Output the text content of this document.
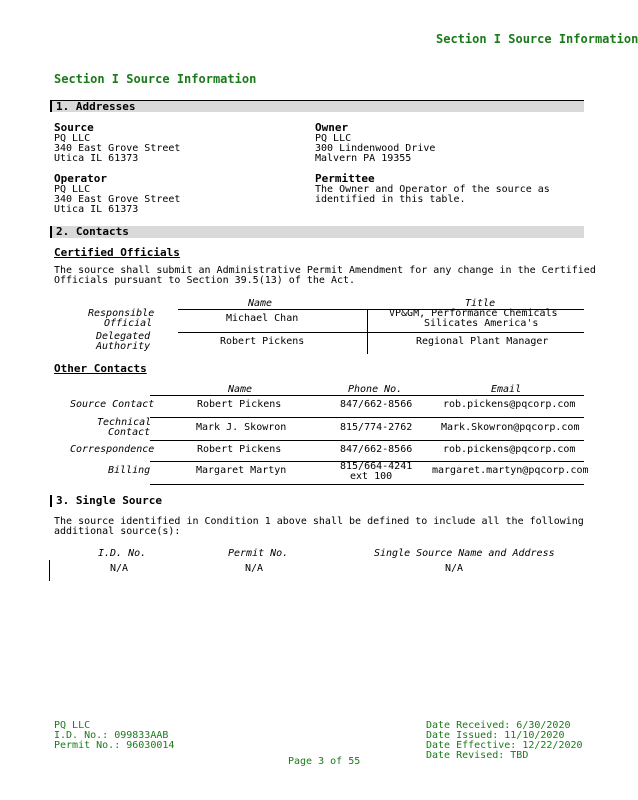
Section I Source Information
Section I Source Information
1. Addresses
Source
PQ LLC
340 East Grove Street
Utica IL 61373
Owner
PQ LLC
300 Lindenwood Drive
Malvern PA 19355
Operator
PQ LLC
340 East Grove Street
Utica IL 61373
Permittee
The Owner and Operator of the source as
identified in this table.
2. Contacts
Certified Officials
The source shall submit an Administrative Permit Amendment for any change in the Certified
Officials pursuant to Section 39.5(13) of the Act.
Name	Title
Responsible
Official	Michael Chan	VP&GM, Performance Chemicals
Silicates America's
Delegated
Authority	Robert Pickens	Regional Plant Manager
Other Contacts
Name	Phone No.	Email
Source Contact	Robert Pickens	847/662-8566	rob.pickens@pqcorp.com
Technical
Contact	Mark J. Skowron	815/774-2762	Mark.Skowron@pqcorp.com
Correspondence	Robert Pickens	847/662-8566	rob.pickens@pqcorp.com
Billing	Margaret Martyn	815/664-4241
ext 100
margaret.martyn@pqcorp.com
3. Single Source
The source identified in Condition 1 above shall be defined to include all the following
additional source(s):
I.D. No.	Permit No.	Single Source Name and Address
N/A	N/A	N/A
PQ LLC
I.D. No.: 099833AAB
Permit No.: 96030014
Date Received: 6/30/2020
Date Issued: 11/10/2020
Date Effective: 12/22/2020
Date Revised: TBD
Page 3 of 55
